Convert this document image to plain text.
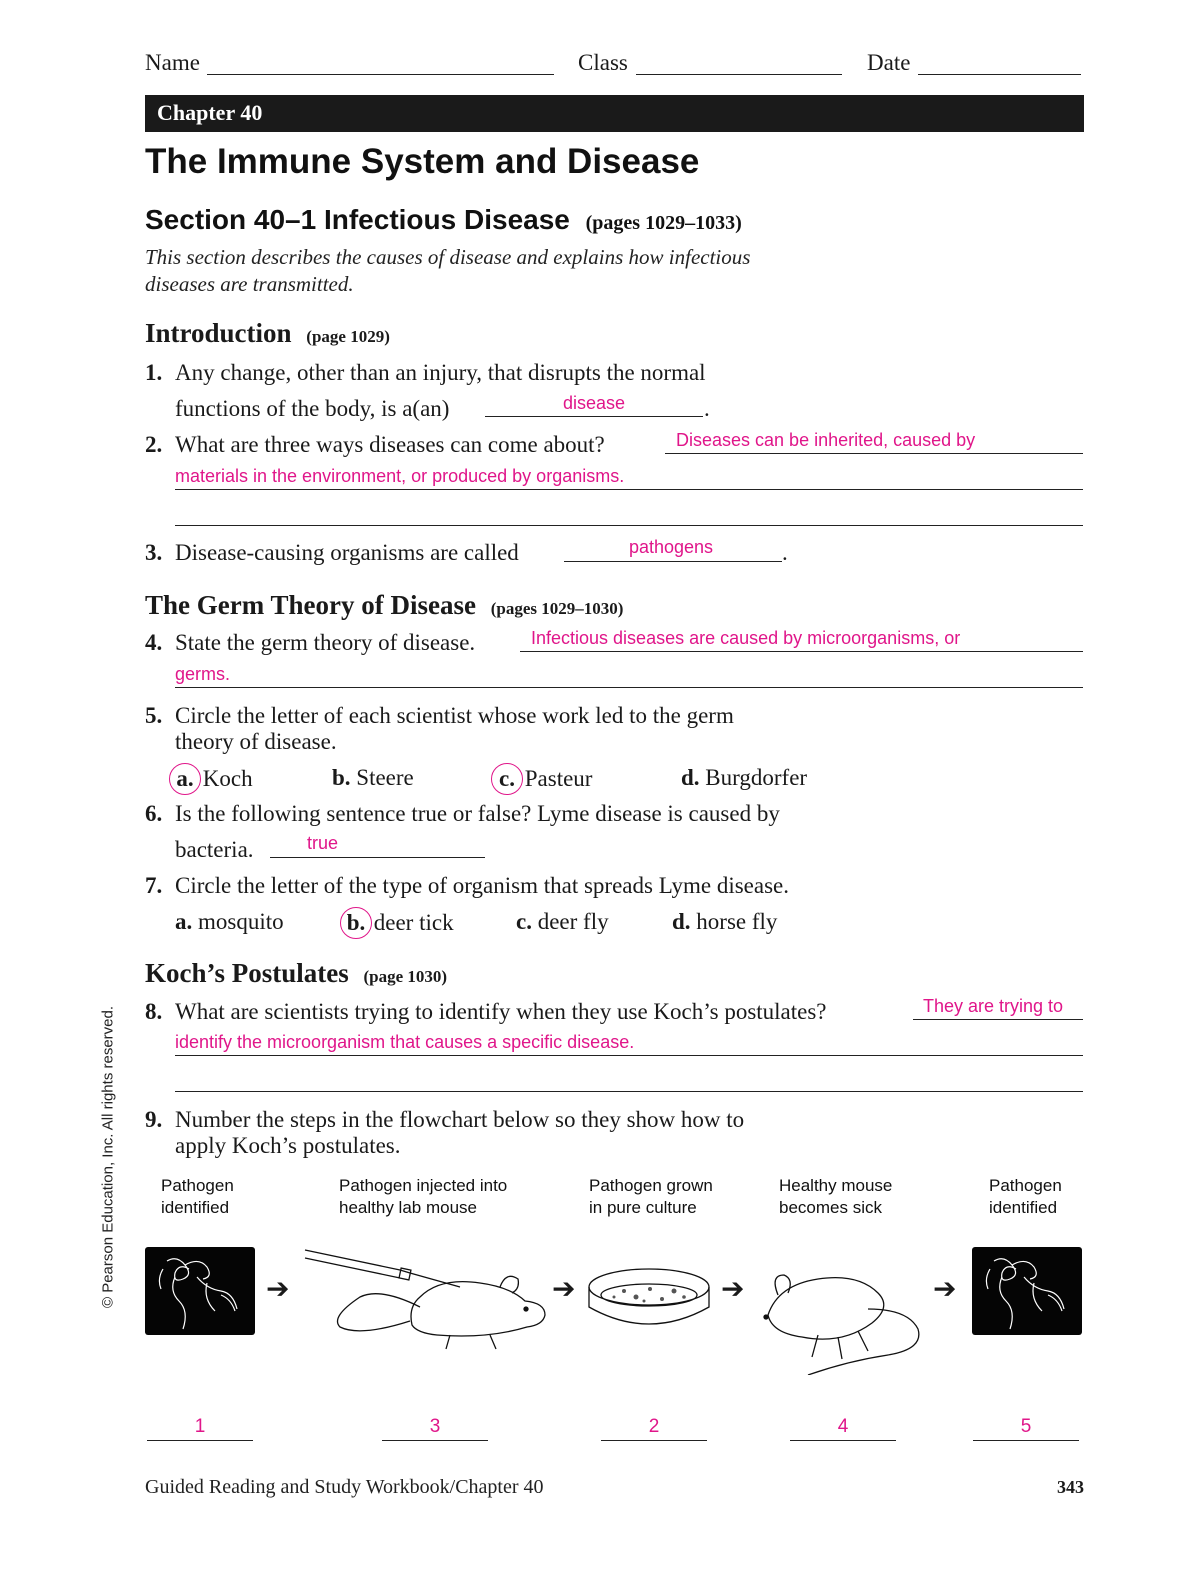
Name	Class	Date
Chapter 40
The Immune System and Disease
Section 40–1 Infectious Disease (pages 1029–1033)
This section describes the causes of disease and explains how infectious
diseases are transmitted.
Introduction (page 1029)
1. Any change, other than an injury, that disrupts the normal
functions of the body, is a(an)	disease	.
2. What are three ways diseases can come about?	Diseases can be inherited, caused by
materials in the environment, or produced by organisms.
3. Disease-causing organisms are called	pathogens	.
The Germ Theory of Disease (pages 1029–1030)
4. State the germ theory of disease.	Infectious diseases are caused by microorganisms, or
germs.
5. Circle the letter of each scientist whose work led to the germ
theory of disease.
a. Koch	b. Steere	c. Pasteur	d. Burgdorfer
6. Is the following sentence true or false? Lyme disease is caused by
bacteria.	true
7. Circle the letter of the type of organism that spreads Lyme disease.
a. mosquito	b. deer tick	c. deer fly	d. horse fly
Koch’s Postulates (page 1030)
8. What are scientists trying to identify when they use Koch’s postulates?	They are trying to
identify the microorganism that causes a specific disease.
9. Number the steps in the flowchart below so they show how to
apply Koch’s postulates.
Pathogen
identified
Pathogen injected into
healthy lab mouse
Pathogen grown
in pure culture
Healthy mouse
becomes sick
Pathogen
identified
➔	➔	➔	➔
1	3	2	4	5
© Pearson Education, Inc. All rights reserved.
Guided Reading and Study Workbook/Chapter 40	343
